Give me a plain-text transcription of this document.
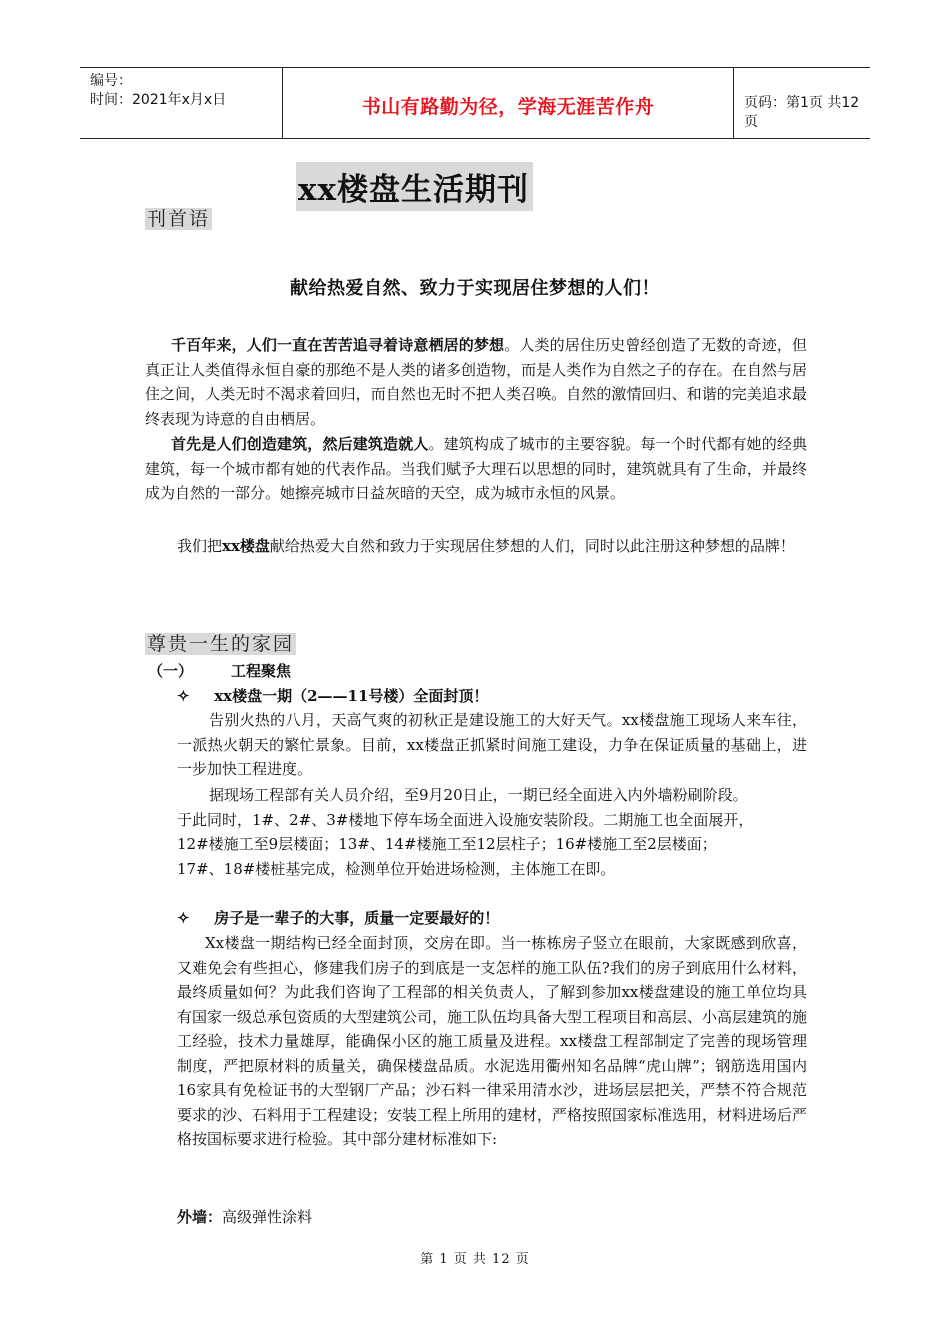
编号：
时间：2021年x月x日	书山有路勤为径，学海无涯苦作舟	页码：第1页 共12页
xx楼盘生活期刊
刊首语
献给热爱自然、致力于实现居住梦想的人们！
千百年来，人们一直在苦苦追寻着诗意栖居的梦想。人类的居住历史曾经创造了无数的奇迹，但真正让人类值得永恒自豪的那绝不是人类的诸多创造物，而是人类作为自然之子的存在。在自然与居住之间，人类无时不渴求着回归，而自然也无时不把人类召唤。自然的激情回归、和谐的完美追求最终表现为诗意的自由栖居。
首先是人们创造建筑，然后建筑造就人。建筑构成了城市的主要容貌。每一个时代都有她的经典建筑，每一个城市都有她的代表作品。当我们赋予大理石以思想的同时，建筑就具有了生命，并最终成为自然的一部分。她擦亮城市日益灰暗的天空，成为城市永恒的风景。
我们把xx楼盘献给热爱大自然和致力于实现居住梦想的人们，同时以此注册这种梦想的品牌！
尊贵一生的家园
（一）	工程聚焦
✧ xx楼盘一期（2——11号楼）全面封顶！
告别火热的八月，天高气爽的初秋正是建设施工的大好天气。xx楼盘施工现场人来车往，一派热火朝天的繁忙景象。目前，xx楼盘正抓紧时间施工建设，力争在保证质量的基础上，进一步加快工程进度。
据现场工程部有关人员介绍，至9月20日止，一期已经全面进入内外墙粉刷阶段。
于此同时，1#、2#、3#楼地下停车场全面进入设施安装阶段。二期施工也全面展开，
12#楼施工至9层楼面；13#、14#楼施工至12层柱子；16#楼施工至2层楼面；
17#、18#楼桩基完成，检测单位开始进场检测，主体施工在即。
✧ 房子是一辈子的大事，质量一定要最好的！
Xx楼盘一期结构已经全面封顶，交房在即。当一栋栋房子竖立在眼前，大家既感到欣喜，又难免会有些担心，修建我们房子的到底是一支怎样的施工队伍?我们的房子到底用什么材料，最终质量如何？为此我们咨询了工程部的相关负责人，了解到参加xx楼盘建设的施工单位均具有国家一级总承包资质的大型建筑公司，施工队伍均具备大型工程项目和高层、小高层建筑的施工经验，技术力量雄厚，能确保小区的施工质量及进程。xx楼盘工程部制定了完善的现场管理制度，严把原材料的质量关，确保楼盘品质。水泥选用衢州知名品牌“虎山牌”；钢筋选用国内16家具有免检证书的大型钢厂产品；沙石料一律采用清水沙，进场层层把关，严禁不符合规范要求的沙、石料用于工程建设；安装工程上所用的建材，严格按照国家标准选用，材料进场后严格按国标要求进行检验。其中部分建材标准如下:
外墙：高级弹性涂料
第 1 页 共 12 页
